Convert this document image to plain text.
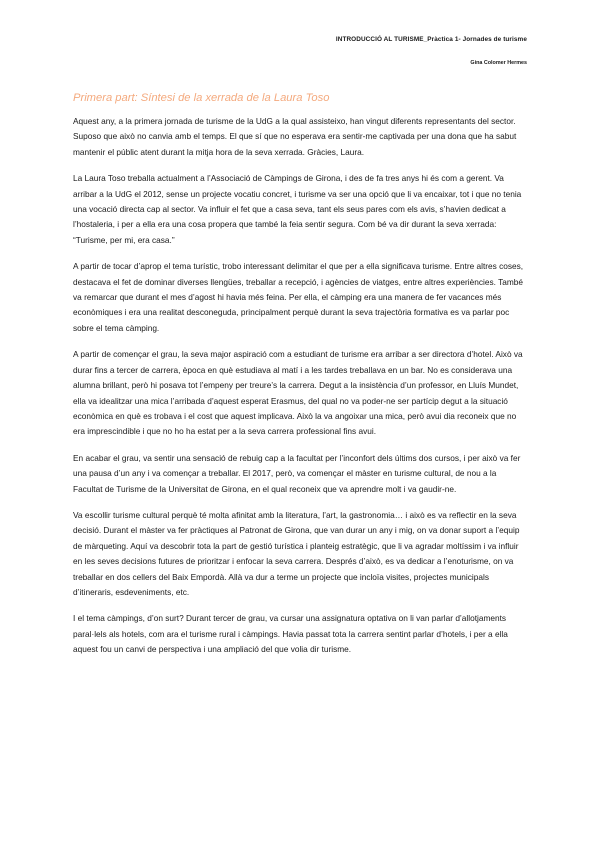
INTRODUCCIÓ AL TURISME_Pràctica 1- Jornades de turisme
Gina Colomer Hermes
Primera part: Síntesi de la xerrada de la Laura Toso

Aquest any, a la primera jornada de turisme de la UdG a la qual assisteixo, han vingut diferents representants del sector. Suposo que això no canvia amb el temps. El que sí que no esperava era sentir-me captivada per una dona que ha sabut mantenir el públic atent durant la mitja hora de la seva xerrada. Gràcies, Laura.

La Laura Toso treballa actualment a l’Associació de Càmpings de Girona, i des de fa tres anys hi és com a gerent. Va arribar a la UdG el 2012, sense un projecte vocatiu concret, i turisme va ser una opció que li va encaixar, tot i que no tenia una vocació directa cap al sector. Va influir el fet que a casa seva, tant els seus pares com els avis, s’havien dedicat a l’hostaleria, i per a ella era una cosa propera que també la feia sentir segura. Com bé va dir durant la seva xerrada: “Turisme, per mi, era casa.”

A partir de tocar d’aprop el tema turístic, trobo interessant delimitar el que per a ella significava turisme. Entre altres coses, destacava el fet de dominar diverses llengües, treballar a recepció, i agències de viatges, entre altres experiències. També va remarcar que durant el mes d’agost hi havia més feina. Per ella, el càmping era una manera de fer vacances més econòmiques i era una realitat desconeguda, principalment perquè durant la seva trajectòria formativa es va parlar poc sobre el tema càmping.

A partir de començar el grau, la seva major aspiració com a estudiant de turisme era arribar a ser directora d’hotel. Això va durar fins a tercer de carrera, època en què estudiava al matí i a les tardes treballava en un bar. No es considerava una alumna brillant, però hi posava tot l’empeny per treure’s la carrera. Degut a la insistència d’un professor, en Lluís Mundet, ella va idealitzar una mica l’arribada d’aquest esperat Erasmus, del qual no va poder-ne ser partícip degut a la situació econòmica en què es trobava i el cost que aquest implicava. Això la va angoixar una mica, però avui dia reconeix que no era imprescindible i que no ho ha estat per a la seva carrera professional fins avui.

En acabar el grau, va sentir una sensació de rebuig cap a la facultat per l’inconfort dels últims dos cursos, i per això va fer una pausa d’un any i va començar a treballar. El 2017, però, va començar el màster en turisme cultural, de nou a la Facultat de Turisme de la Universitat de Girona, en el qual reconeix que va aprendre molt i va gaudir-ne.

Va escollir turisme cultural perquè té molta afinitat amb la literatura, l’art, la gastronomia… i això es va reflectir en la seva decisió. Durant el màster va fer pràctiques al Patronat de Girona, que van durar un any i mig, on va donar suport a l’equip de màrqueting. Aquí va descobrir tota la part de gestió turística i planteig estratègic, que li va agradar moltíssim i va influir en les seves decisions futures de prioritzar i enfocar la seva carrera. Després d’això, es va dedicar a l’enoturisme, on va treballar en dos cellers del Baix Empordà. Allà va dur a terme un projecte que incloïa visites, projectes municipals d’itineraris, esdeveniments, etc.

I el tema càmpings, d’on surt? Durant tercer de grau, va cursar una assignatura optativa on li van parlar d’allotjaments paral·lels als hotels, com ara el turisme rural i càmpings. Havia passat tota la carrera sentint parlar d’hotels, i per a ella aquest fou un canvi de perspectiva i una ampliació del que volia dir turisme.
